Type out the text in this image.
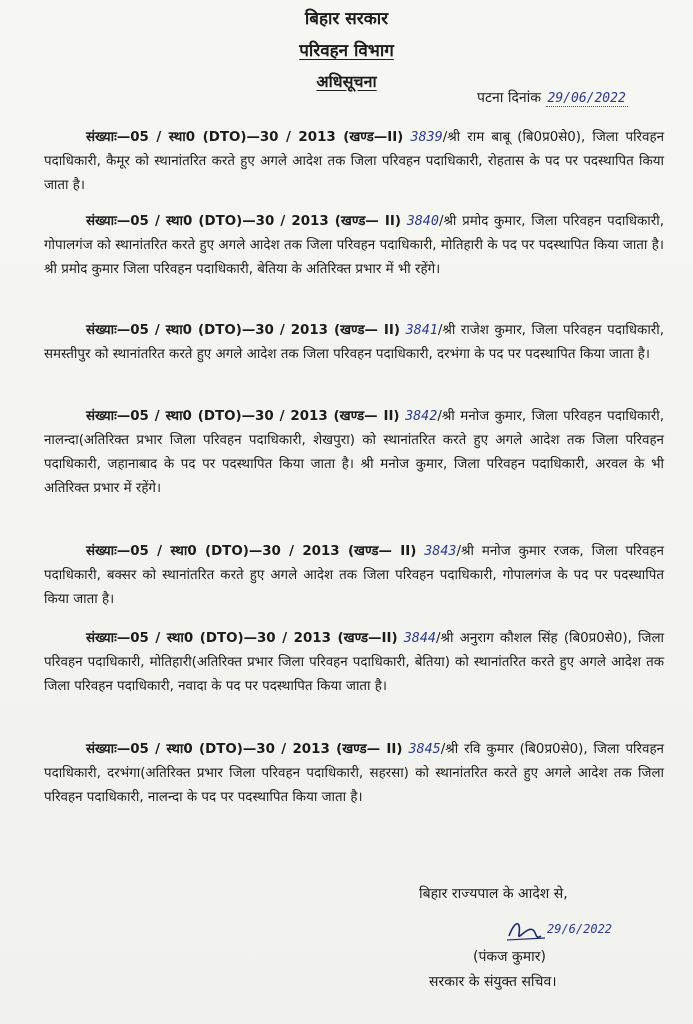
बिहार सरकार
परिवहन विभाग
अधिसूचना
पटना दिनांक 29/06/2022
संख्याः—05 / स्था0 (DTO)—30 / 2013 (खण्ड—II) 3839/श्री राम बाबू (बि0प्र0से0), जिला परिवहन पदाधिकारी, कैमूर को स्थानांतरित करते हुए अगले आदेश तक जिला परिवहन पदाधिकारी, रोहतास के पद पर पदस्थापित किया जाता है।
संख्याः—05 / स्था0 (DTO)—30 / 2013 (खण्ड— II) 3840/श्री प्रमोद कुमार, जिला परिवहन पदाधिकारी, गोपालगंज को स्थानांतरित करते हुए अगले आदेश तक जिला परिवहन पदाधिकारी, मोतिहारी के पद पर पदस्थापित किया जाता है। श्री प्रमोद कुमार जिला परिवहन पदाधिकारी, बेतिया के अतिरिक्त प्रभार में भी रहेंगे।
संख्याः—05 / स्था0 (DTO)—30 / 2013 (खण्ड— II) 3841/श्री राजेश कुमार, जिला परिवहन पदाधिकारी, समस्तीपुर को स्थानांतरित करते हुए अगले आदेश तक जिला परिवहन पदाधिकारी, दरभंगा के पद पर पदस्थापित किया जाता है।
संख्याः—05 / स्था0 (DTO)—30 / 2013 (खण्ड— II) 3842/श्री मनोज कुमार, जिला परिवहन पदाधिकारी, नालन्दा(अतिरिक्त प्रभार जिला परिवहन पदाधिकारी, शेखपुरा) को स्थानांतरित करते हुए अगले आदेश तक जिला परिवहन पदाधिकारी, जहानाबाद के पद पर पदस्थापित किया जाता है। श्री मनोज कुमार, जिला परिवहन पदाधिकारी, अरवल के भी अतिरिक्त प्रभार में रहेंगे।
संख्याः—05 / स्था0 (DTO)—30 / 2013 (खण्ड— II) 3843/श्री मनोज कुमार रजक, जिला परिवहन पदाधिकारी, बक्सर को स्थानांतरित करते हुए अगले आदेश तक जिला परिवहन पदाधिकारी, गोपालगंज के पद पर पदस्थापित किया जाता है।
संख्याः—05 / स्था0 (DTO)—30 / 2013 (खण्ड—II) 3844/श्री अनुराग कौशल सिंह (बि0प्र0से0), जिला परिवहन पदाधिकारी, मोतिहारी(अतिरिक्त प्रभार जिला परिवहन पदाधिकारी, बेतिया) को स्थानांतरित करते हुए अगले आदेश तक जिला परिवहन पदाधिकारी, नवादा के पद पर पदस्थापित किया जाता है।
संख्याः—05 / स्था0 (DTO)—30 / 2013 (खण्ड— II) 3845/श्री रवि कुमार (बि0प्र0से0), जिला परिवहन पदाधिकारी, दरभंगा(अतिरिक्त प्रभार जिला परिवहन पदाधिकारी, सहरसा) को स्थानांतरित करते हुए अगले आदेश तक जिला परिवहन पदाधिकारी, नालन्दा के पद पर पदस्थापित किया जाता है।
बिहार राज्यपाल के आदेश से,
29/6/2022
(पंकज कुमार)
सरकार के संयुक्त सचिव।
